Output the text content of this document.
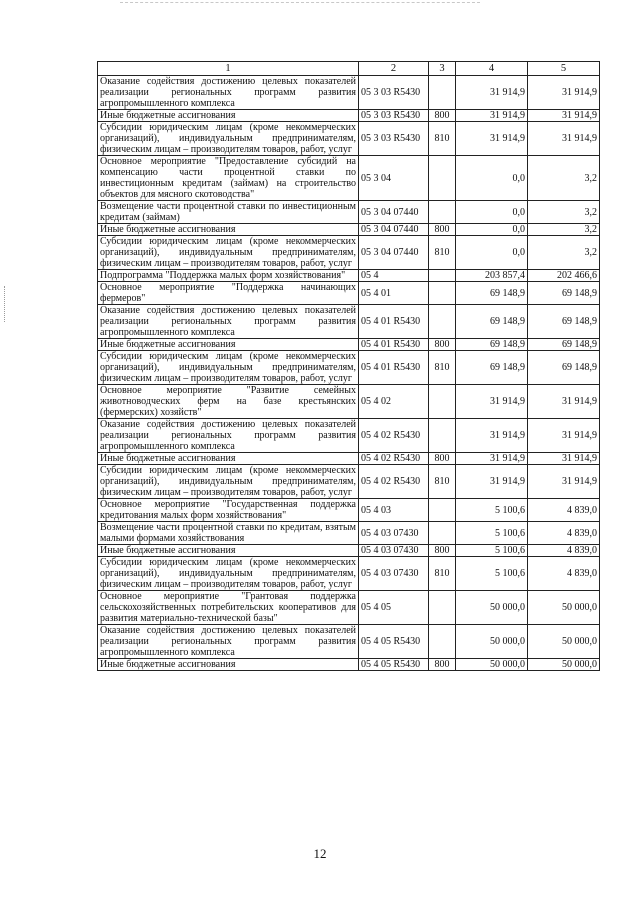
1	2	3	4	5
Оказание содействия достижению целевых показателей реализации региональных программ развития агропромышленного комплекса	05 3 03 R5430		31 914,9	31 914,9
Иные бюджетные ассигнования	05 3 03 R5430	800	31 914,9	31 914,9
Субсидии юридическим лицам (кроме некоммерческих организаций), индивидуальным предпринимателям, физическим лицам – производителям товаров, работ, услуг	05 3 03 R5430	810	31 914,9	31 914,9
Основное мероприятие "Предоставление субсидий на компенсацию части процентной ставки по инвестиционным кредитам (займам) на строительство объектов для мясного скотоводства"	05 3 04		0,0	3,2
Возмещение части процентной ставки по инвестиционным кредитам (займам)	05 3 04 07440		0,0	3,2
Иные бюджетные ассигнования	05 3 04 07440	800	0,0	3,2
Субсидии юридическим лицам (кроме некоммерческих организаций), индивидуальным предпринимателям, физическим лицам – производителям товаров, работ, услуг	05 3 04 07440	810	0,0	3,2
Подпрограмма "Поддержка малых форм хозяйствования"	05 4		203 857,4	202 466,6
Основное мероприятие "Поддержка начинающих фермеров"	05 4 01		69 148,9	69 148,9
Оказание содействия достижению целевых показателей реализации региональных программ развития агропромышленного комплекса	05 4 01 R5430		69 148,9	69 148,9
Иные бюджетные ассигнования	05 4 01 R5430	800	69 148,9	69 148,9
Субсидии юридическим лицам (кроме некоммерческих организаций), индивидуальным предпринимателям, физическим лицам – производителям товаров, работ, услуг	05 4 01 R5430	810	69 148,9	69 148,9
Основное мероприятие "Развитие семейных животноводческих ферм на базе крестьянских (фермерских) хозяйств"	05 4 02		31 914,9	31 914,9
Оказание содействия достижению целевых показателей реализации региональных программ развития агропромышленного комплекса	05 4 02 R5430		31 914,9	31 914,9
Иные бюджетные ассигнования	05 4 02 R5430	800	31 914,9	31 914,9
Субсидии юридическим лицам (кроме некоммерческих организаций), индивидуальным предпринимателям, физическим лицам – производителям товаров, работ, услуг	05 4 02 R5430	810	31 914,9	31 914,9
Основное мероприятие "Государственная поддержка кредитования малых форм хозяйствования"	05 4 03		5 100,6	4 839,0
Возмещение части процентной ставки по кредитам, взятым малыми формами хозяйствования	05 4 03 07430		5 100,6	4 839,0
Иные бюджетные ассигнования	05 4 03 07430	800	5 100,6	4 839,0
Субсидии юридическим лицам (кроме некоммерческих организаций), индивидуальным предпринимателям, физическим лицам – производителям товаров, работ, услуг	05 4 03 07430	810	5 100,6	4 839,0
Основное мероприятие "Грантовая поддержка сельскохозяйственных потребительских кооперативов для развития материально-технической базы"	05 4 05		50 000,0	50 000,0
Оказание содействия достижению целевых показателей реализации региональных программ развития агропромышленного комплекса	05 4 05 R5430		50 000,0	50 000,0
Иные бюджетные ассигнования	05 4 05 R5430	800	50 000,0	50 000,0
12
